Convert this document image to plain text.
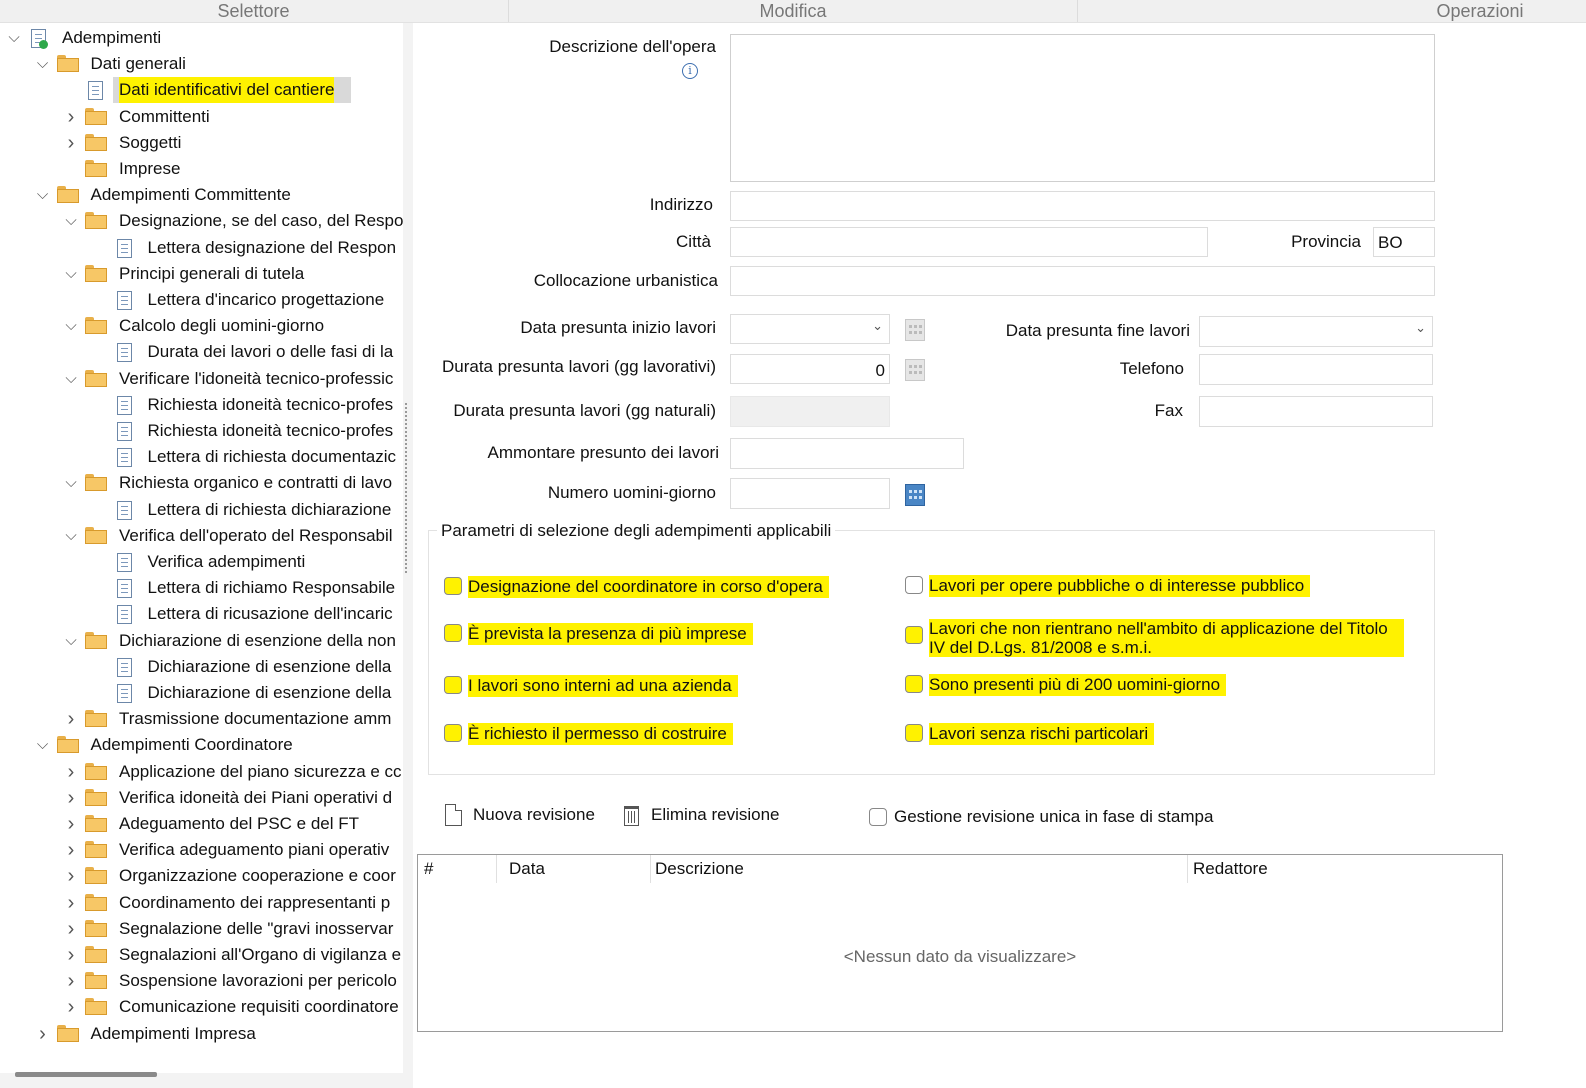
Selettore	Modifica	Operazioni
⌵ Adempimenti
⌵ Dati generali
Dati identificativi del cantiere
›	Committenti
›	Soggetti
Imprese
⌵ Adempimenti Committente
⌵ Designazione, se del caso, del Respo
Lettera designazione del Respon
⌵ Principi generali di tutela
Lettera d'incarico progettazione
⌵ Calcolo degli uomini-giorno
Durata dei lavori o delle fasi di la
⌵ Verificare l'idoneità tecnico-professic
Richiesta idoneità tecnico-profes
Richiesta idoneità tecnico-profes
Lettera di richiesta documentazic
⌵ Richiesta organico e contratti di lavo
Lettera di richiesta dichiarazione
⌵ Verifica dell'operato del Responsabil
Verifica adempimenti
Lettera di richiamo Responsabile
Lettera di ricusazione dell'incaric
⌵ Dichiarazione di esenzione della non
Dichiarazione di esenzione della
Dichiarazione di esenzione della
›	Trasmissione documentazione amm
⌵ Adempimenti Coordinatore
›	Applicazione del piano sicurezza e cc
›	Verifica idoneità dei Piani operativi d
›	Adeguamento del PSC e del FT
›	Verifica adeguamento piani operativ
›	Organizzazione cooperazione e coor
›	Coordinamento dei rappresentanti p
›	Segnalazione delle "gravi inosservar
›	Segnalazioni all'Organo di vigilanza e
›	Sospensione lavorazioni per pericolo
›	Comunicazione requisiti coordinatore
›	Adempimenti Impresa
Descrizione dell'opera
i
Indirizzo
Città	Provincia BO
Collocazione urbanistica
Data presunta inizio lavori	⌄	Data presunta fine lavori	⌄
Durata presunta lavori (gg lavorativi)	0	Telefono
Durata presunta lavori (gg naturali)	Fax
Ammontare presunto dei lavori
Numero uomini-giorno
Parametri di selezione degli adempimenti applicabili
Nuova revisione	Elimina revisione	Gestione revisione unica in fase di stampa
#	Data	Descrizione	Redattore
<Nessun dato da visualizzare>
Designazione del coordinatore in corso d'opera
È prevista la presenza di più imprese
I lavori sono interni ad una azienda
È richiesto il permesso di costruire
Lavori per opere pubbliche o di interesse pubblico
Lavori che non rientrano nell'ambito di applicazione del Titolo
IV del D.Lgs. 81/2008 e s.m.i.
Sono presenti più di 200 uomini-giorno
Lavori senza rischi particolari
